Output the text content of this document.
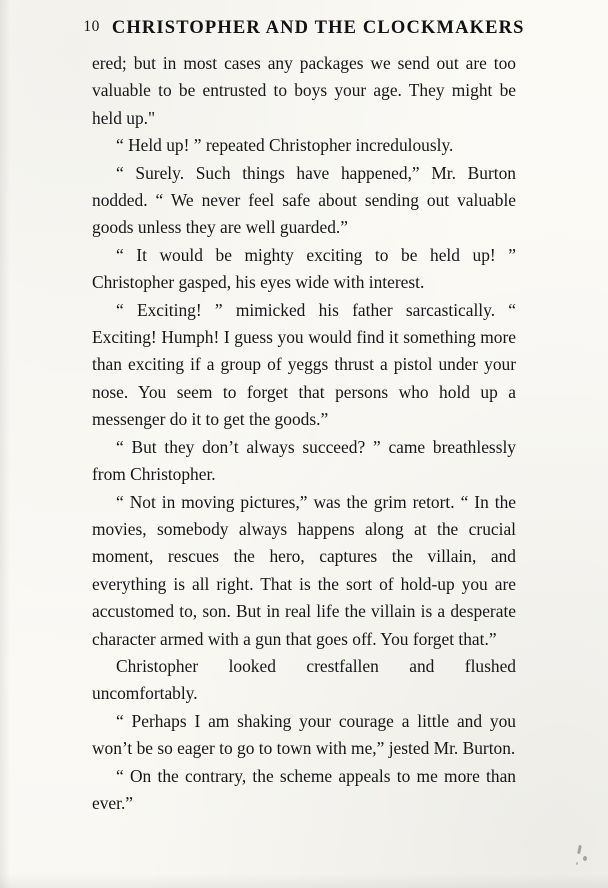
10 CHRISTOPHER AND THE CLOCKMAKERS

ered; but in most cases any packages we send out are too valuable to be entrusted to boys your age. They might be held up."

“ Held up! ” repeated Christopher incredulously.

“ Surely. Such things have happened,” Mr. Burton nodded. “ We never feel safe about sending out valuable goods unless they are well guarded.”

“ It would be mighty exciting to be held up! ” Christopher gasped, his eyes wide with interest.

“ Exciting! ” mimicked his father sarcastically. “ Exciting! Humph! I guess you would find it something more than exciting if a group of yeggs thrust a pistol under your nose. You seem to forget that persons who hold up a messenger do it to get the goods.”

“ But they don’t always succeed? ” came breathlessly from Christopher.

“ Not in moving pictures,” was the grim retort. “ In the movies, somebody always happens along at the crucial moment, rescues the hero, captures the villain, and everything is all right. That is the sort of hold-up you are accustomed to, son. But in real life the villain is a desperate character armed with a gun that goes off. You forget that.”

Christopher looked crestfallen and flushed uncomfortably.

“ Perhaps I am shaking your courage a little and you won’t be so eager to go to town with me,” jested Mr. Burton.

“ On the contrary, the scheme appeals to me more than ever.”
